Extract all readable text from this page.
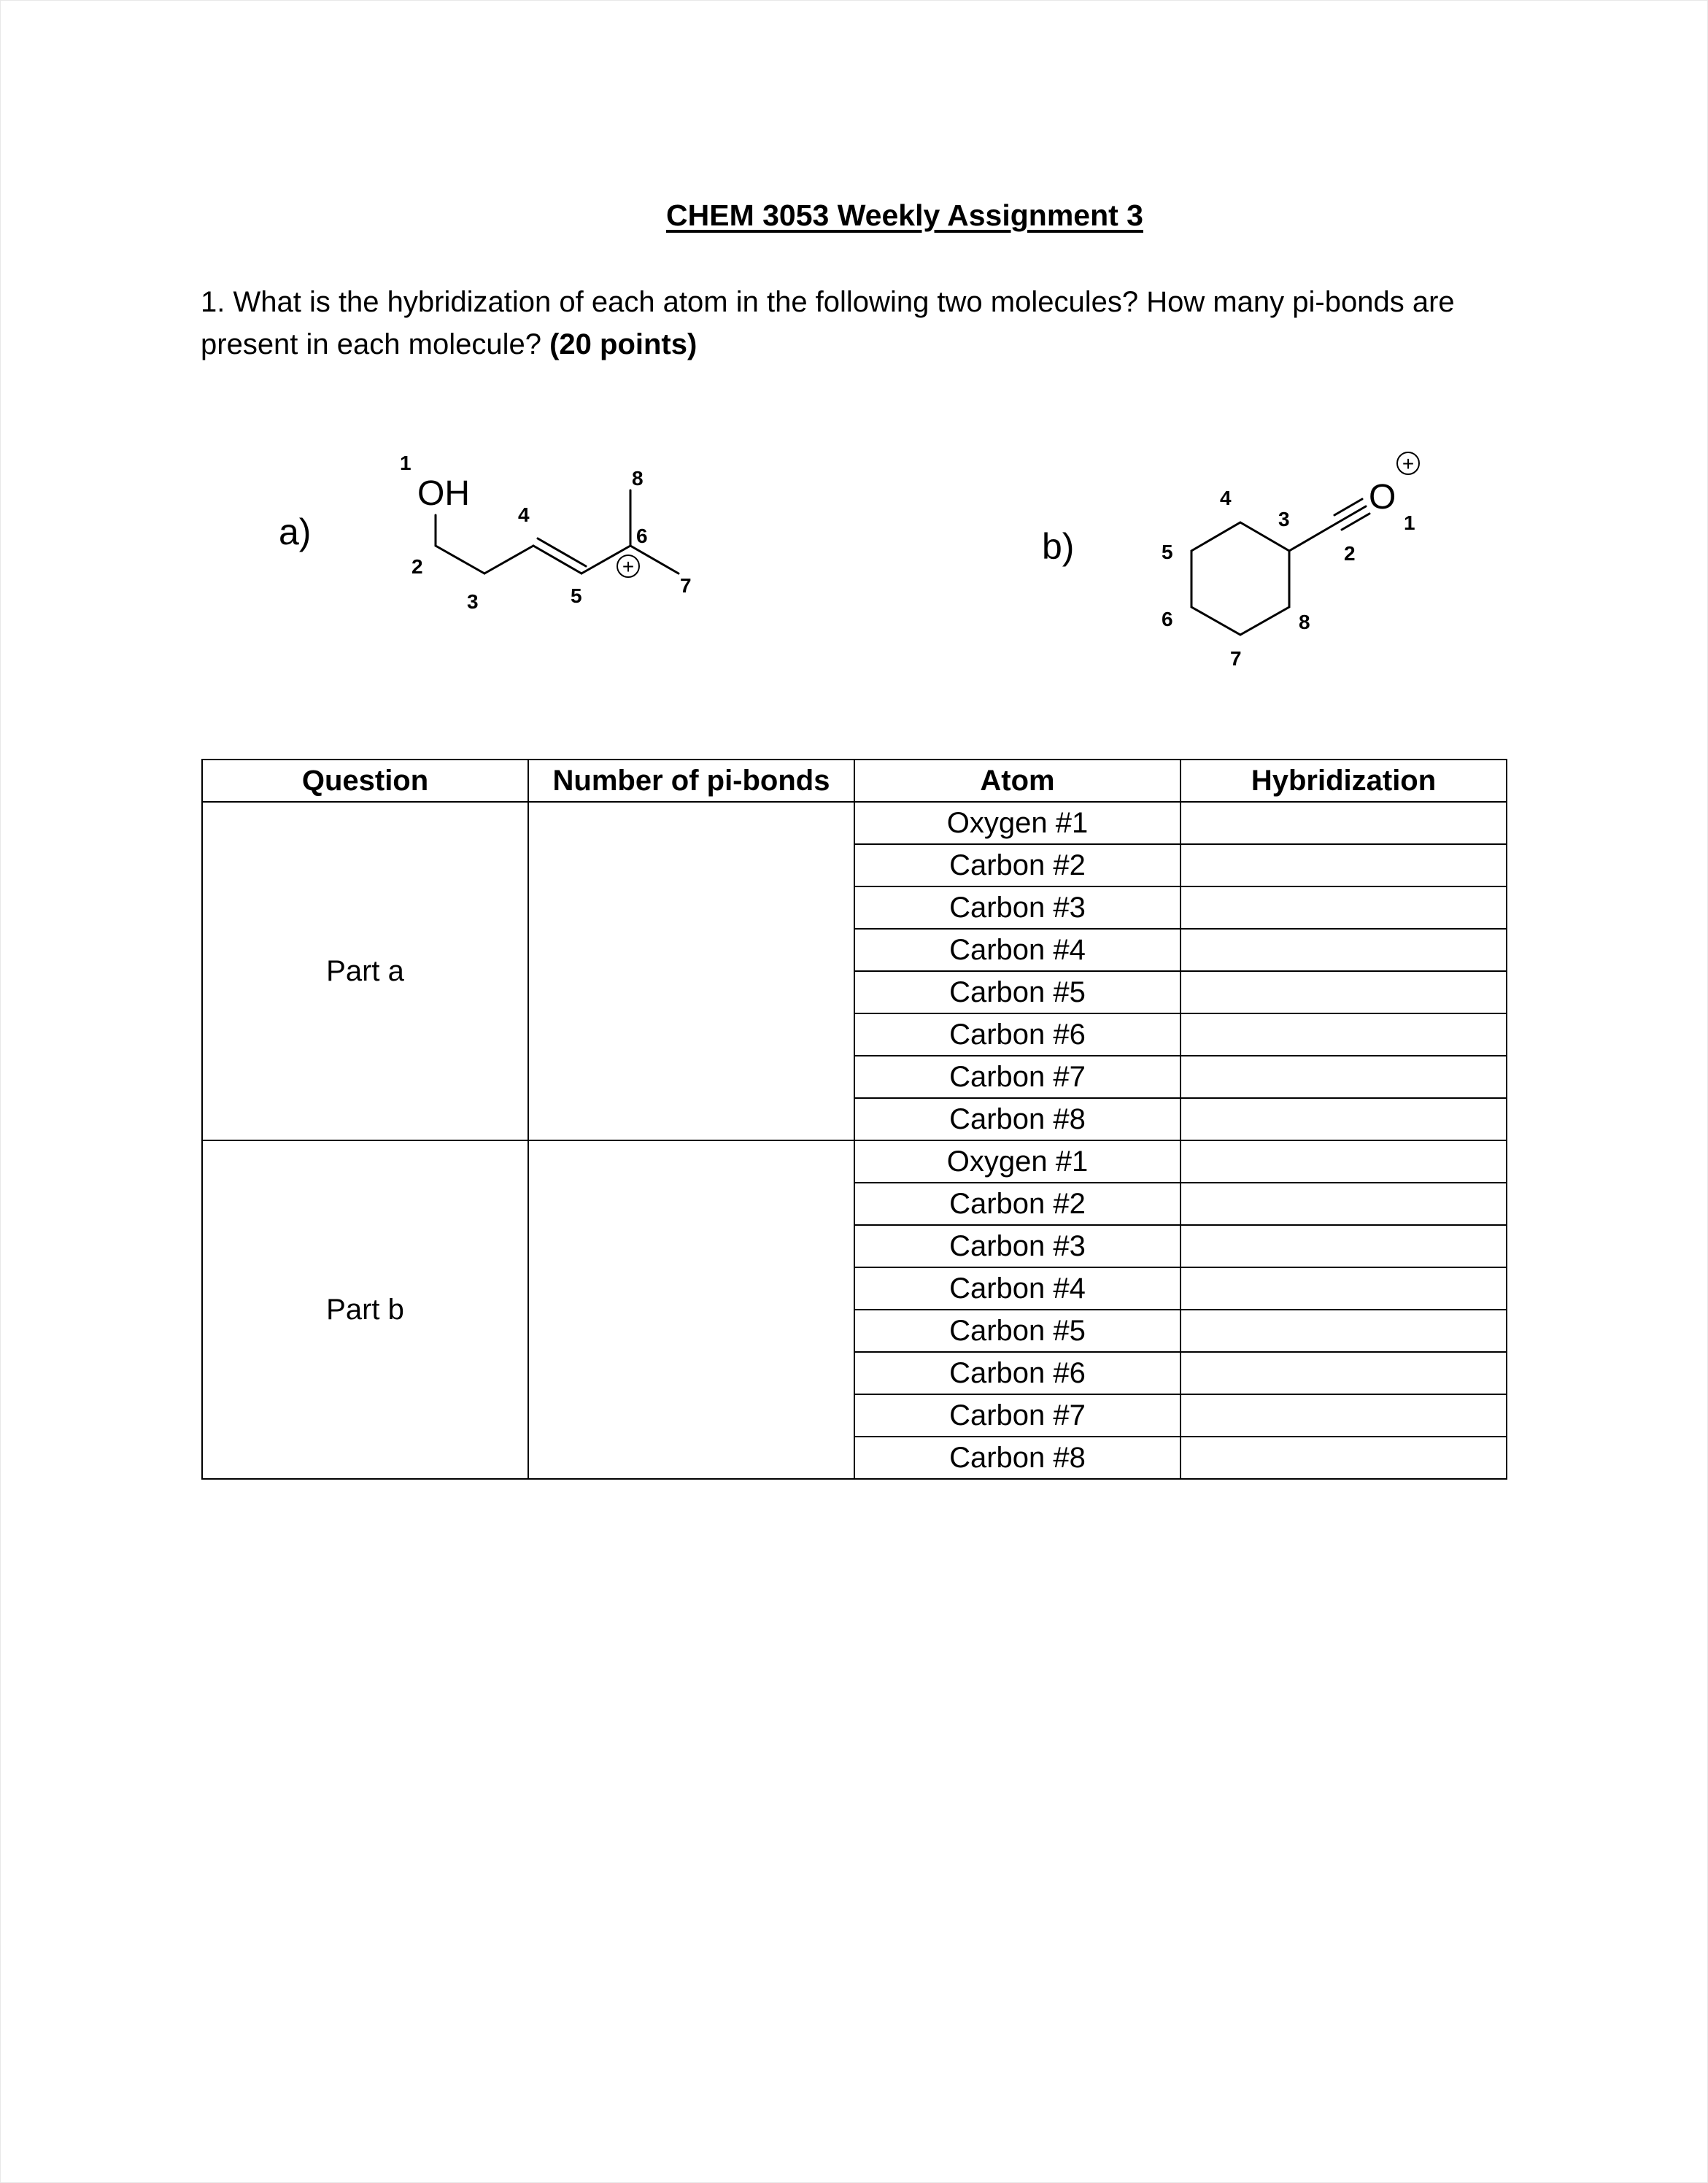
CHEM 3053 Weekly Assignment 3
1. What is the hybridization of each atom in the following two molecules? How many pi-bonds are present in each molecule? (20 points)
a)
OH
+
1
2
3
4
5
6
7
8
b)
O
+
1
2
3
4
5
6
7
8
Question	Number of pi-bonds	Atom	Hybridization
Part a		Oxygen #1	
		Carbon #2	
		Carbon #3	
		Carbon #4	
		Carbon #5	
		Carbon #6	
		Carbon #7	
		Carbon #8	
Part b		Oxygen #1	
		Carbon #2	
		Carbon #3	
		Carbon #4	
		Carbon #5	
		Carbon #6	
		Carbon #7	
		Carbon #8	
